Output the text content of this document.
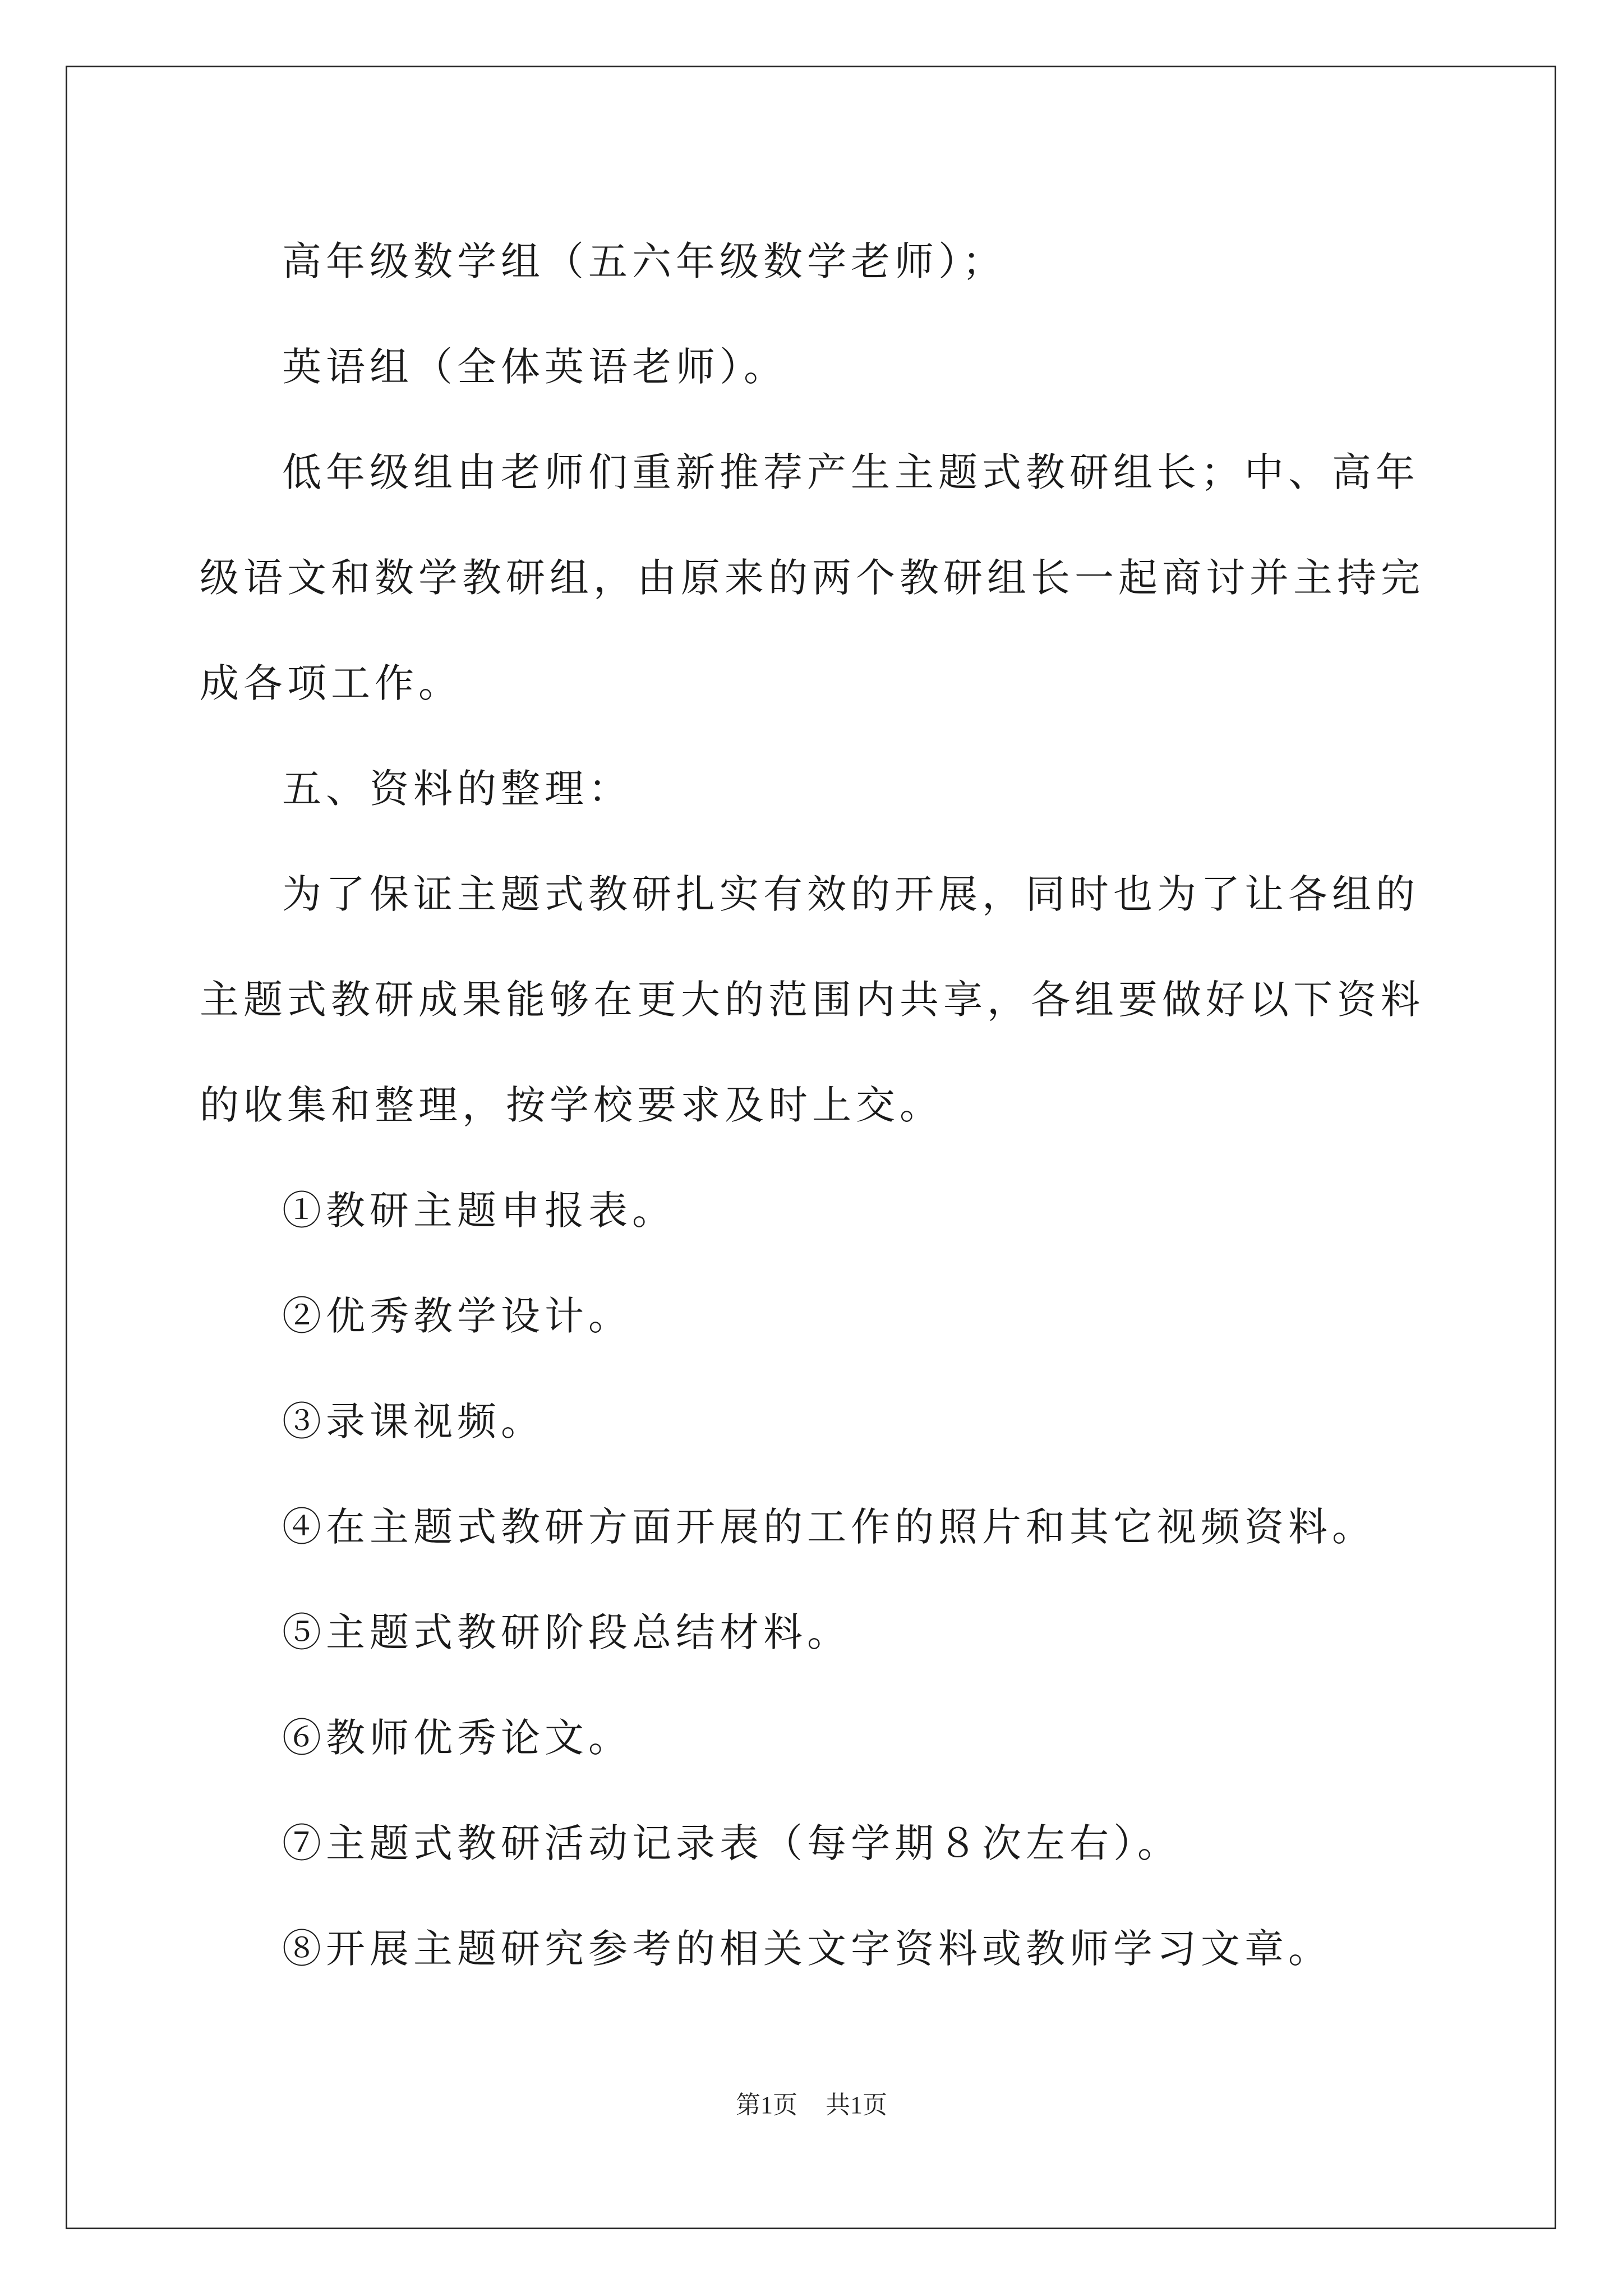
高年级数学组（五六年级数学老师）；

英语组（全体英语老师）。

低年级组由老师们重新推荐产生主题式教研组长；中、高年级语文和数学教研组，由原来的两个教研组长一起商讨并主持完成各项工作。

五、资料的整理：

为了保证主题式教研扎实有效的开展，同时也为了让各组的主题式教研成果能够在更大的范围内共享，各组要做好以下资料的收集和整理，按学校要求及时上交。

①教研主题申报表。

②优秀教学设计。

③录课视频。

④在主题式教研方面开展的工作的照片和其它视频资料。

⑤主题式教研阶段总结材料。

⑥教师优秀论文。

⑦主题式教研活动记录表（每学期８次左右）。

⑧开展主题研究参考的相关文字资料或教师学习文章。

第1页 共1页
